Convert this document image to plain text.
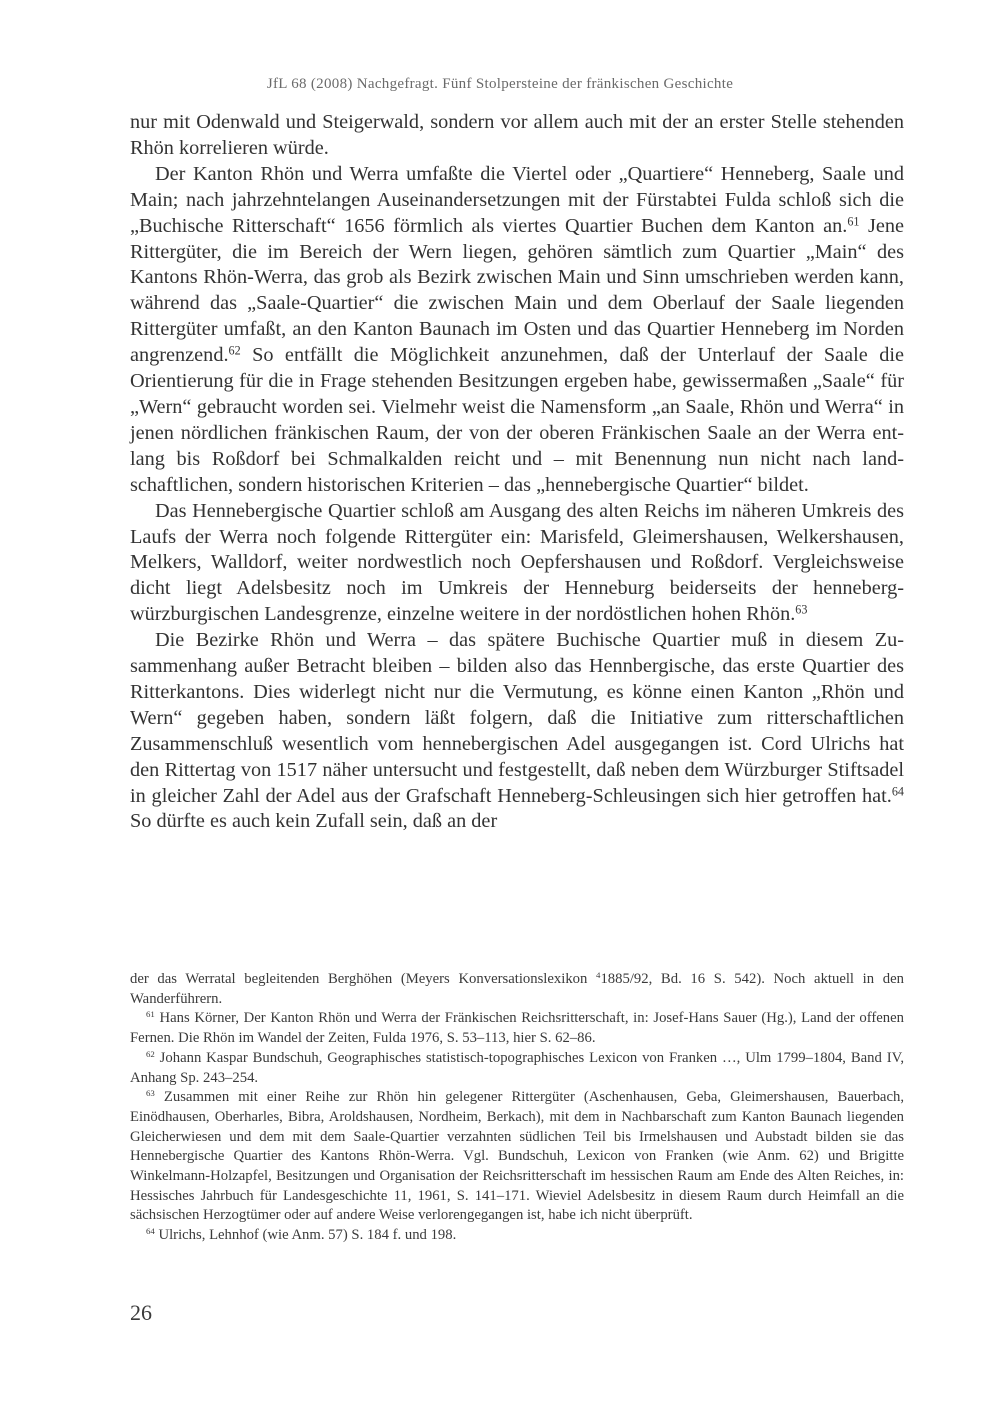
JfL 68 (2008) Nachgefragt. Fünf Stolpersteine der fränkischen Geschichte

nur mit Odenwald und Steigerwald, sondern vor allem auch mit der an erster Stelle stehenden Rhön korrelieren würde.

Der Kanton Rhön und Werra umfaßte die Viertel oder „Quartiere“ Henneberg, Saale und Main; nach jahrzehntelangen Auseinandersetzungen mit der Fürstabtei Fulda schloß sich die „Buchische Ritterschaft“ 1656 förmlich als viertes Quartier Buchen dem Kanton an.$^{61}$ Jene Rittergüter, die im Bereich der Wern liegen, gehören sämtlich zum Quartier „Main“ des Kantons Rhön-Werra, das grob als Bezirk zwischen Main und Sinn umschrieben werden kann, während das „Saale-Quartier“ die zwischen Main und dem Oberlauf der Saale liegenden Rittergüter umfaßt, an den Kanton Baunach im Osten und das Quartier Henneberg im Norden angrenzend.$^{62}$ So entfällt die Möglichkeit anzunehmen, daß der Unterlauf der Saale die Orientierung für die in Frage stehenden Besitzungen ergeben habe, gewissermaßen „Saale“ für „Wern“ gebraucht worden sei. Vielmehr weist die Namensform „an Saale, Rhön und Werra“ in jenen nördlichen fränkischen Raum, der von der oberen Fränkischen Saale an der Werra entlang bis Roßdorf bei Schmalkalden reicht und – mit Benennung nun nicht nach landschaftlichen, sondern historischen Kriterien – das „hennebergische Quartier“ bildet.

Das Hennebergische Quartier schloß am Ausgang des alten Reichs im näheren Umkreis des Laufs der Werra noch folgende Rittergüter ein: Marisfeld, Gleimershausen, Welkershausen, Melkers, Walldorf, weiter nordwestlich noch Oepfershausen und Roßdorf. Vergleichsweise dicht liegt Adelsbesitz noch im Umkreis der Henneburg beiderseits der henneberg-würzburgischen Landesgrenze, einzelne weitere in der nordöstlichen hohen Rhön.$^{63}$

Die Bezirke Rhön und Werra – das spätere Buchische Quartier muß in diesem Zusammenhang außer Betracht bleiben – bilden also das Hennbergische, das erste Quartier des Ritterkantons. Dies widerlegt nicht nur die Vermutung, es könne einen Kanton „Rhön und Wern“ gegeben haben, sondern läßt folgern, daß die Initiative zum ritterschaftlichen Zusammenschluß wesentlich vom hennebergischen Adel ausgegangen ist. Cord Ulrichs hat den Rittertag von 1517 näher untersucht und festgestellt, daß neben dem Würzburger Stiftsadel in gleicher Zahl der Adel aus der Grafschaft Henneberg-Schleusingen sich hier getroffen hat.$^{64}$ So dürfte es auch kein Zufall sein, daß an der

der das Werratal begleitenden Berghöhen (Meyers Konversationslexikon $^4$1885/92, Bd. 16 S. 542). Noch aktuell in den Wanderführern.

$^{61}$ Hans Körner, Der Kanton Rhön und Werra der Fränkischen Reichsritterschaft, in: Josef-Hans Sauer (Hg.), Land der offenen Fernen. Die Rhön im Wandel der Zeiten, Fulda 1976, S. 53–113, hier S. 62–86.

$^{62}$ Johann Kaspar Bundschuh, Geographisches statistisch-topographisches Lexicon von Franken …, Ulm 1799–1804, Band IV, Anhang Sp. 243–254.

$^{63}$ Zusammen mit einer Reihe zur Rhön hin gelegener Rittergüter (Aschenhausen, Geba, Gleimershausen, Bauerbach, Einödhausen, Oberharles, Bibra, Aroldshausen, Nordheim, Berkach), mit dem in Nachbarschaft zum Kanton Baunach liegenden Gleicherwiesen und dem mit dem Saale-Quartier verzahnten südlichen Teil bis Irmelshausen und Aubstadt bilden sie das Hennebergische Quartier des Kantons Rhön-Werra. Vgl. Bundschuh, Lexicon von Franken (wie Anm. 62) und Brigitte Winkelmann-Holzapfel, Besitzungen und Organisation der Reichsritterschaft im hessischen Raum am Ende des Alten Reiches, in: Hessisches Jahrbuch für Landesgeschichte 11, 1961, S. 141–171. Wieviel Adelsbesitz in diesem Raum durch Heimfall an die sächsischen Herzogtümer oder auf andere Weise verlorengegangen ist, habe ich nicht überprüft.

$^{64}$ Ulrichs, Lehnhof (wie Anm. 57) S. 184 f. und 198.

26
